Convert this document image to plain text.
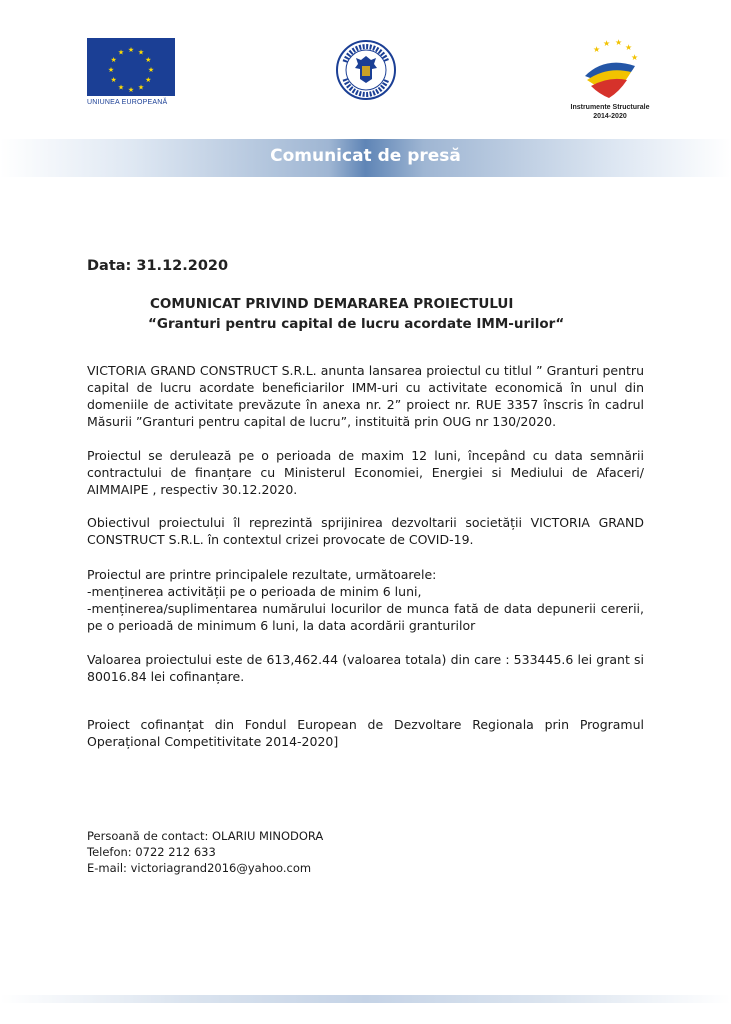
★ ★
★
★
★
★
★
★
★
★
★
★
UNIUNEA EUROPEANĂ
★ ★
★
★
★
Instrumente Structurale
2014-2020
Comunicat de presă
Data: 31.12.2020
COMUNICAT PRIVIND DEMARAREA PROIECTULUI
“Granturi pentru capital de lucru acordate IMM-urilor“

VICTORIA GRAND CONSTRUCT S.R.L. anunta lansarea proiectul cu titlul ” Granturi pentru capital de lucru acordate beneficiarilor IMM-uri cu activitate economică în unul din domeniile de activitate prevăzute în anexa nr. 2” proiect nr. RUE 3357 înscris în cadrul Măsurii ”Granturi pentru capital de lucru”, instituită prin OUG nr 130/2020.

Proiectul se derulează pe o perioada de maxim 12 luni, începând cu data semnării contractului de finanțare cu Ministerul Economiei, Energiei si Mediului de Afaceri/ AIMMAIPE , respectiv 30.12.2020.

Obiectivul proiectului îl reprezintă sprijinirea dezvoltarii societății VICTORIA GRAND CONSTRUCT S.R.L. în contextul crizei provocate de COVID-19.

Proiectul are printre principalele rezultate, următoarele:

-menținerea activității pe o perioada de minim 6 luni,

-menținerea/suplimentarea numărului locurilor de munca fată de data depunerii cererii, pe o perioadă de minimum 6 luni, la data acordării granturilor

Valoarea proiectului este de 613,462.44 (valoarea totala) din care : 533445.6 lei grant si 80016.84 lei cofinanțare.

Proiect cofinanțat din Fondul European de Dezvoltare Regionala prin Programul Operațional Competitivitate 2014-2020]

Persoană de contact: OLARIU MINODORA
Telefon: 0722 212 633
E-mail: victoriagrand2016@yahoo.com
